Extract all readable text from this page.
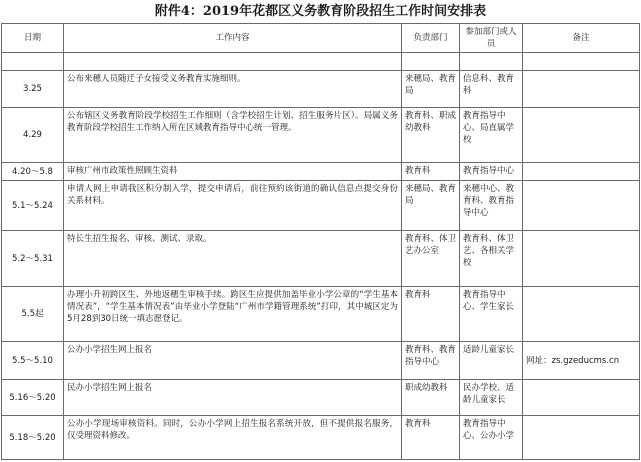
附件4：2019年花都区义务教育阶段招生工作时间安排表
日期	工作内容	负责部门	参加部门或人员	备注

3.25	公布来穗人员随迁子女接受义务教育实施细则。	来穗局、教育局	信息科、教育科	
4.29	公布辖区义务教育阶段学校招生工作细则（含学校招生计划、招生服务片区）。局属义务教育阶段学校招生工作纳入所在区域教育指导中心统一管理。	教育科、职成幼教科	教育指导中心、局直属学校	
4.20～5.8	审核广州市政策性照顾生资料	教育科	教育指导中心	
5.1～5.24	申请人网上申请我区积分制入学，提交申请后，前往预約该街道的确认信息点提交身份关系材料。	来穗局、教育局	来穗中心、教育科、教育指导中心	
5.2～5.31	特长生招生报名、审核、测试、录取。	教育科、体卫艺办公室	教育科、体卫艺、各相关学校	
5.5起	办理小升初跨区生、外地返穗生审核手续。跨区生应提供加盖毕业小学公章的“学生基本情况表”，“学生基本情况表”由毕业小学登陆“广州市学籍管理系统”打印，其中城区定为5月28到30日统一填志愿登记。	教育科	教育指导中心、学生家长	
5.5～5.10	公办小学招生网上报名	教育科、教育指导中心	适龄儿童家长	网址：zs.gzeducms.cn
5.16～5.20	民办小学招生网上报名	职成幼教科	民办学校、适龄儿童家长	
5.18～5.20	公办小学现场审核资料。同时，公办小学网上招生报名系统开放，但不提供报名服务，仅受理资料修改。	教育科	教育指导中心、公办小学	
